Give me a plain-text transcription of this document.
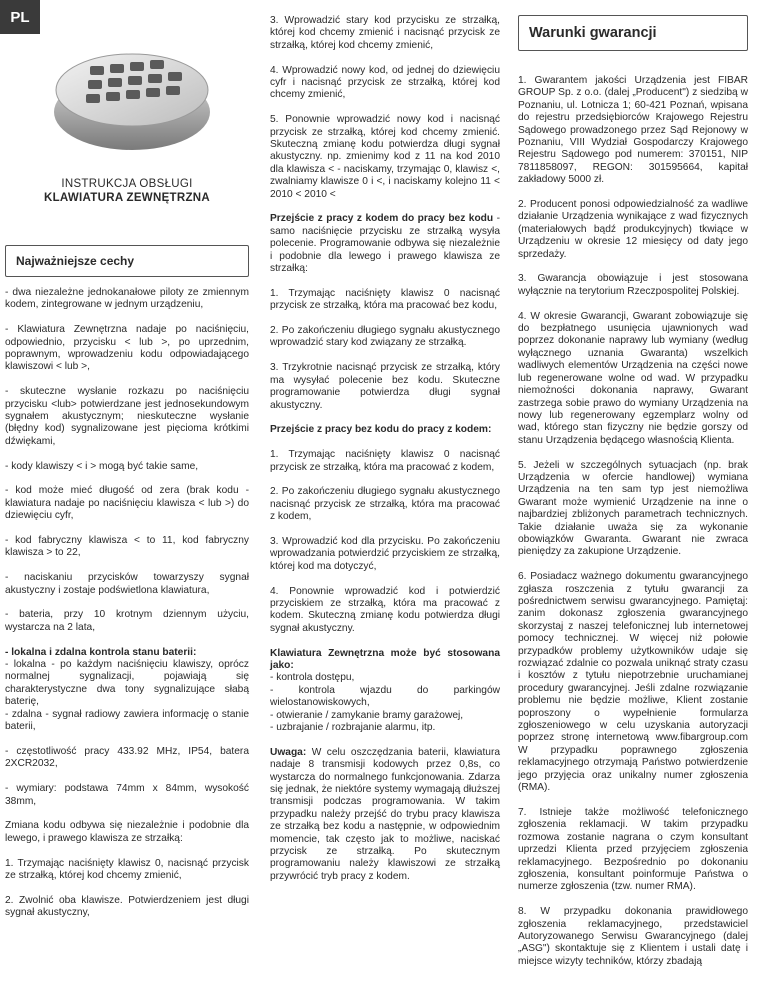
PL
INSTRUKCJA OBSŁUGI
KLAWIATURA ZEWNĘTRZNA
Najważniejsze cechy

- dwa niezależne jednokanałowe piloty ze zmiennym kodem, zintegrowane w jednym urządzeniu,

- Klawiatura Zewnętrzna nadaje po naciśnięciu, odpowiednio, przycisku < lub >, po uprzednim, poprawnym, wprowadzeniu kodu odpowiadającego klawiszowi < lub >,

- skuteczne wysłanie rozkazu po naciśnięciu przycisku <lub> potwierdzane jest jednosekundowym sygnałem akustycznym; nieskuteczne wysłanie (błędny kod) sygnalizowane jest pięcioma krótkimi dźwiękami,

- kody klawiszy < i > mogą być takie same,

- kod może mieć długość od zera (brak kodu - klawiatura nadaje po naciśnięciu klawisza < lub >) do dziewięciu cyfr,

- kod fabryczny klawisza < to 11, kod fabryczny klawisza > to 22,

- naciskaniu przycisków towarzyszy sygnał akustyczny i zostaje podświetlona klawiatura,

- bateria, przy 10 krotnym dziennym użyciu, wystarcza na 2 lata,

- lokalna i zdalna kontrola stanu baterii:
- lokalna - po każdym naciśnięciu klawiszy, oprócz normalnej sygnalizacji, pojawiają się charakterystyczne dwa tony sygnalizujące słabą baterię,
- zdalna - sygnał radiowy zawiera informację o stanie baterii,

- częstotliwość pracy 433.92 MHz, IP54, batera 2XCR2032,

- wymiary: podstawa 74mm x 84mm, wysokość 38mm,

Zmiana kodu odbywa się niezależnie i podobnie dla lewego, i prawego klawisza ze strzałką:

1. Trzymając naciśnięty klawisz 0, nacisnąć przycisk ze strzałką, której kod chcemy zmienić,

2. Zwolnić oba klawisze. Potwierdzeniem jest długi sygnał akustyczny,

3. Wprowadzić stary kod przycisku ze strzałką, której kod chcemy zmienić i nacisnąć przycisk ze strzałką, której kod chcemy zmienić,

4. Wprowadzić nowy kod, od jednej do dziewięciu cyfr i nacisnąć przycisk ze strzałką, której kod chcemy zmienić,

5. Ponownie wprowadzić nowy kod i nacisnąć przycisk ze strzałką, której kod chcemy zmienić. Skuteczną zmianę kodu potwierdza długi sygnał akustyczny. np. zmienimy kod z 11 na kod 2010 dla klawisza < - naciskamy, trzymając 0, klawisz <, zwalniamy klawisze 0 i <, i naciskamy kolejno 11 < 2010 < 2010 <

Przejście z pracy z kodem do pracy bez kodu - samo naciśnięcie przycisku ze strzałką wysyła polecenie. Programowanie odbywa się niezależnie i podobnie dla lewego i prawego klawisza ze strzałką:

1. Trzymając naciśnięty klawisz 0 nacisnąć przycisk ze strzałką, która ma pracować bez kodu,

2. Po zakończeniu długiego sygnału akustycznego wprowadzić stary kod związany ze strzałką.

3. Trzykrotnie nacisnąć przycisk ze strzałką, który ma wysyłać polecenie bez kodu. Skuteczne programowanie potwierdza długi sygnał akustyczny.

Przejście z pracy bez kodu do pracy z kodem:

1. Trzymając naciśnięty klawisz 0 nacisnąć przycisk ze strzałką, która ma pracować z kodem,

2. Po zakończeniu długiego sygnału akustycznego nacisnąć przycisk ze strzałką, która ma pracować z kodem,

3. Wprowadzić kod dla przycisku. Po zakończeniu wprowadzania potwierdzić przyciskiem ze strzałką, której kod ma dotyczyć,

4. Ponownie wprowadzić kod i potwierdzić przyciskiem ze strzałką, która ma pracować z kodem. Skuteczną zmianę kodu potwierdza długi sygnał akustyczny.

Klawiatura Zewnętrzna może być stosowana jako:
- kontrola dostępu,
- kontrola wjazdu do parkingów wielostanowiskowych,
- otwieranie / zamykanie bramy garażowej,
- uzbrajanie / rozbrajanie alarmu, itp.

Uwaga: W celu oszczędzania baterii, klawiatura nadaje 8 transmisji kodowych przez 0,8s, co wystarcza do normalnego funkcjonowania. Zdarza się jednak, że niektóre systemy wymagają dłuższej transmisji podczas programowania. W takim przypadku należy przejść do trybu pracy klawisza ze strzałką bez kodu a następnie, w odpowiednim momencie, tak często jak to możliwe, naciskać przycisk ze strzałką. Po skutecznym programowaniu należy klawiszowi ze strzałką przywrócić tryb pracy z kodem.

Warunki gwarancji

1. Gwarantem jakości Urządzenia jest FIBAR GROUP Sp. z o.o. (dalej „Producent") z siedzibą w Poznaniu, ul. Lotnicza 1; 60-421 Poznań, wpisana do rejestru przedsiębiorców Krajowego Rejestru Sądowego prowadzonego przez Sąd Rejonowy w Poznaniu, VIII Wydział Gospodarczy Krajowego Rejestru Sądowego pod numerem: 370151, NIP 7811858097, REGON: 301595664, kapitał zakładowy 5000 zł.

2. Producent ponosi odpowiedzialność za wadliwe działanie Urządzenia wynikające z wad fizycznych (materiałowych bądź produkcyjnych) tkwiące w Urządzeniu w okresie 12 miesięcy od daty jego sprzedaży.

3. Gwarancja obowiązuje i jest stosowana wyłącznie na terytorium Rzeczpospolitej Polskiej.

4. W okresie Gwarancji, Gwarant zobowiązuje się do bezpłatnego usunięcia ujawnionych wad poprzez dokonanie naprawy lub wymiany (według wyłącznego uznania Gwaranta) wszelkich wadliwych elementów Urządzenia na części nowe lub regenerowane wolne od wad. W przypadku niemożności dokonania naprawy, Gwarant zastrzega sobie prawo do wymiany Urządzenia na nowy lub regenerowany egzemplarz wolny od wad, którego stan fizyczny nie będzie gorszy od stanu Urządzenia będącego własnością Klienta.

5. Jeżeli w szczególnych sytuacjach (np. brak Urządzenia w ofercie handlowej) wymiana Urządzenia na ten sam typ jest niemożliwa Gwarant może wymienić Urządzenie na inne o najbardziej zbliżonych parametrach technicznych. Takie działanie uważa się za wykonanie obowiązków Gwaranta. Gwarant nie zwraca pieniędzy za zakupione Urządzenie.

6. Posiadacz ważnego dokumentu gwarancyjnego zgłasza roszczenia z tytułu gwarancji za pośrednictwem serwisu gwarancyjnego. Pamiętaj: zanim dokonasz zgłoszenia gwarancyjnego skorzystaj z naszej telefonicznej lub internetowej pomocy technicznej. W więcej niż połowie przypadków problemy użytkowników udaje się rozwiązać zdalnie co pozwala uniknąć straty czasu i kosztów z tytułu niepotrzebnie uruchamianej procedury gwarancyjnej. Jeśli zdalne rozwiązanie problemu nie będzie możliwe, Klient zostanie poproszony o wypełnienie formularza zgłoszeniowego w celu uzyskania autoryzacji poprzez stronę internetową www.fibargroup.com W przypadku poprawnego zgłoszenia reklamacyjnego otrzymają Państwo potwierdzenie jego przyjęcia oraz unikalny numer zgłoszenia (RMA).

7. Istnieje także możliwość telefonicznego zgłoszenia reklamacji. W takim przypadku rozmowa zostanie nagrana o czym konsultant uprzedzi Klienta przed przyjęciem zgłoszenia reklamacyjnego. Bezpośrednio po dokonaniu zgłoszenia, konsultant poinformuje Państwa o numerze zgłoszenia (tzw. numer RMA).

8. W przypadku dokonania prawidłowego zgłoszenia reklamacyjnego, przedstawiciel Autoryzowanego Serwisu Gwarancyjnego (dalej „ASG") skontaktuje się z Klientem i ustali datę i miejsce wizyty techników, którzy zbadają
